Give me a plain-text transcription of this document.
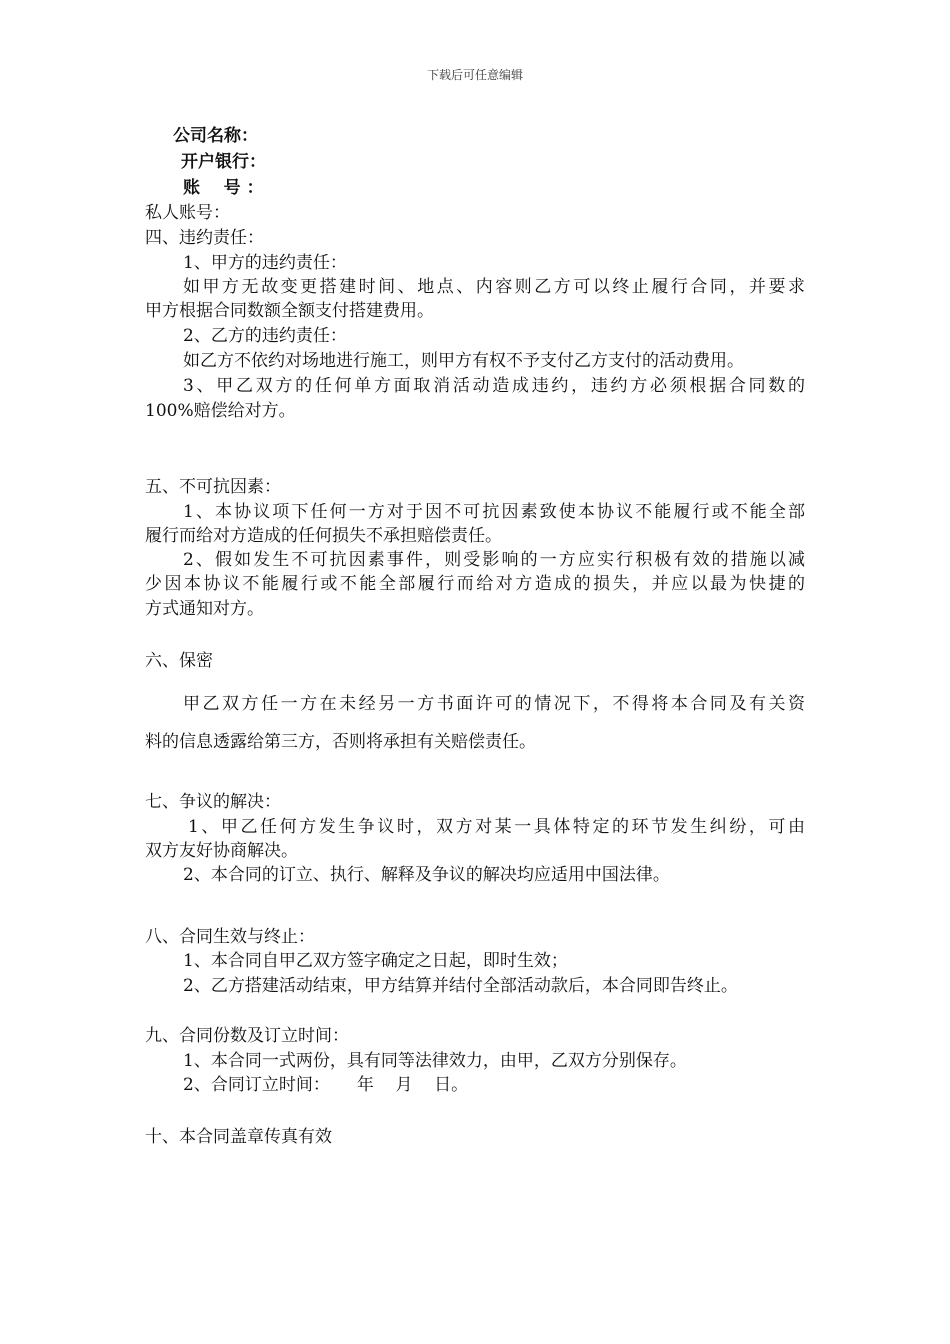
下载后可任意编辑
公司名称：
开户银行：
账    号 ：
私人账号：
四、违约责任：
1、甲方的违约责任：
如甲方无故变更搭建时间、地点、内容则乙方可以终止履行合同，并要求
甲方根据合同数额全额支付搭建费用。
2、乙方的违约责任：
如乙方不依约对场地进行施工，则甲方有权不予支付乙方支付的活动费用。
3、甲乙双方的任何单方面取消活动造成违约，违约方必须根据合同数的
100%赔偿给对方。
五、不可抗因素：
1、本协议项下任何一方对于因不可抗因素致使本协议不能履行或不能全部
履行而给对方造成的任何损失不承担赔偿责任。
2、假如发生不可抗因素事件，则受影响的一方应实行积极有效的措施以减
少因本协议不能履行或不能全部履行而给对方造成的损失，并应以最为快捷的
方式通知对方。
六、保密
甲乙双方任一方在未经另一方书面许可的情况下，不得将本合同及有关资
料的信息透露给第三方，否则将承担有关赔偿责任。
七、争议的解决：
1、甲乙任何方发生争议时，双方对某一具体特定的环节发生纠纷，可由
双方友好协商解决。
2、本合同的订立、执行、解释及争议的解决均应适用中国法律。
八、合同生效与终止：
1、本合同自甲乙双方签字确定之日起，即时生效；
2、乙方搭建活动结束，甲方结算并结付全部活动款后，本合同即告终止。
九、合同份数及订立时间：
1、本合同一式两份，具有同等法律效力，由甲，乙双方分别保存。
2、合同订立时间：     年    月    日。
十、本合同盖章传真有效
